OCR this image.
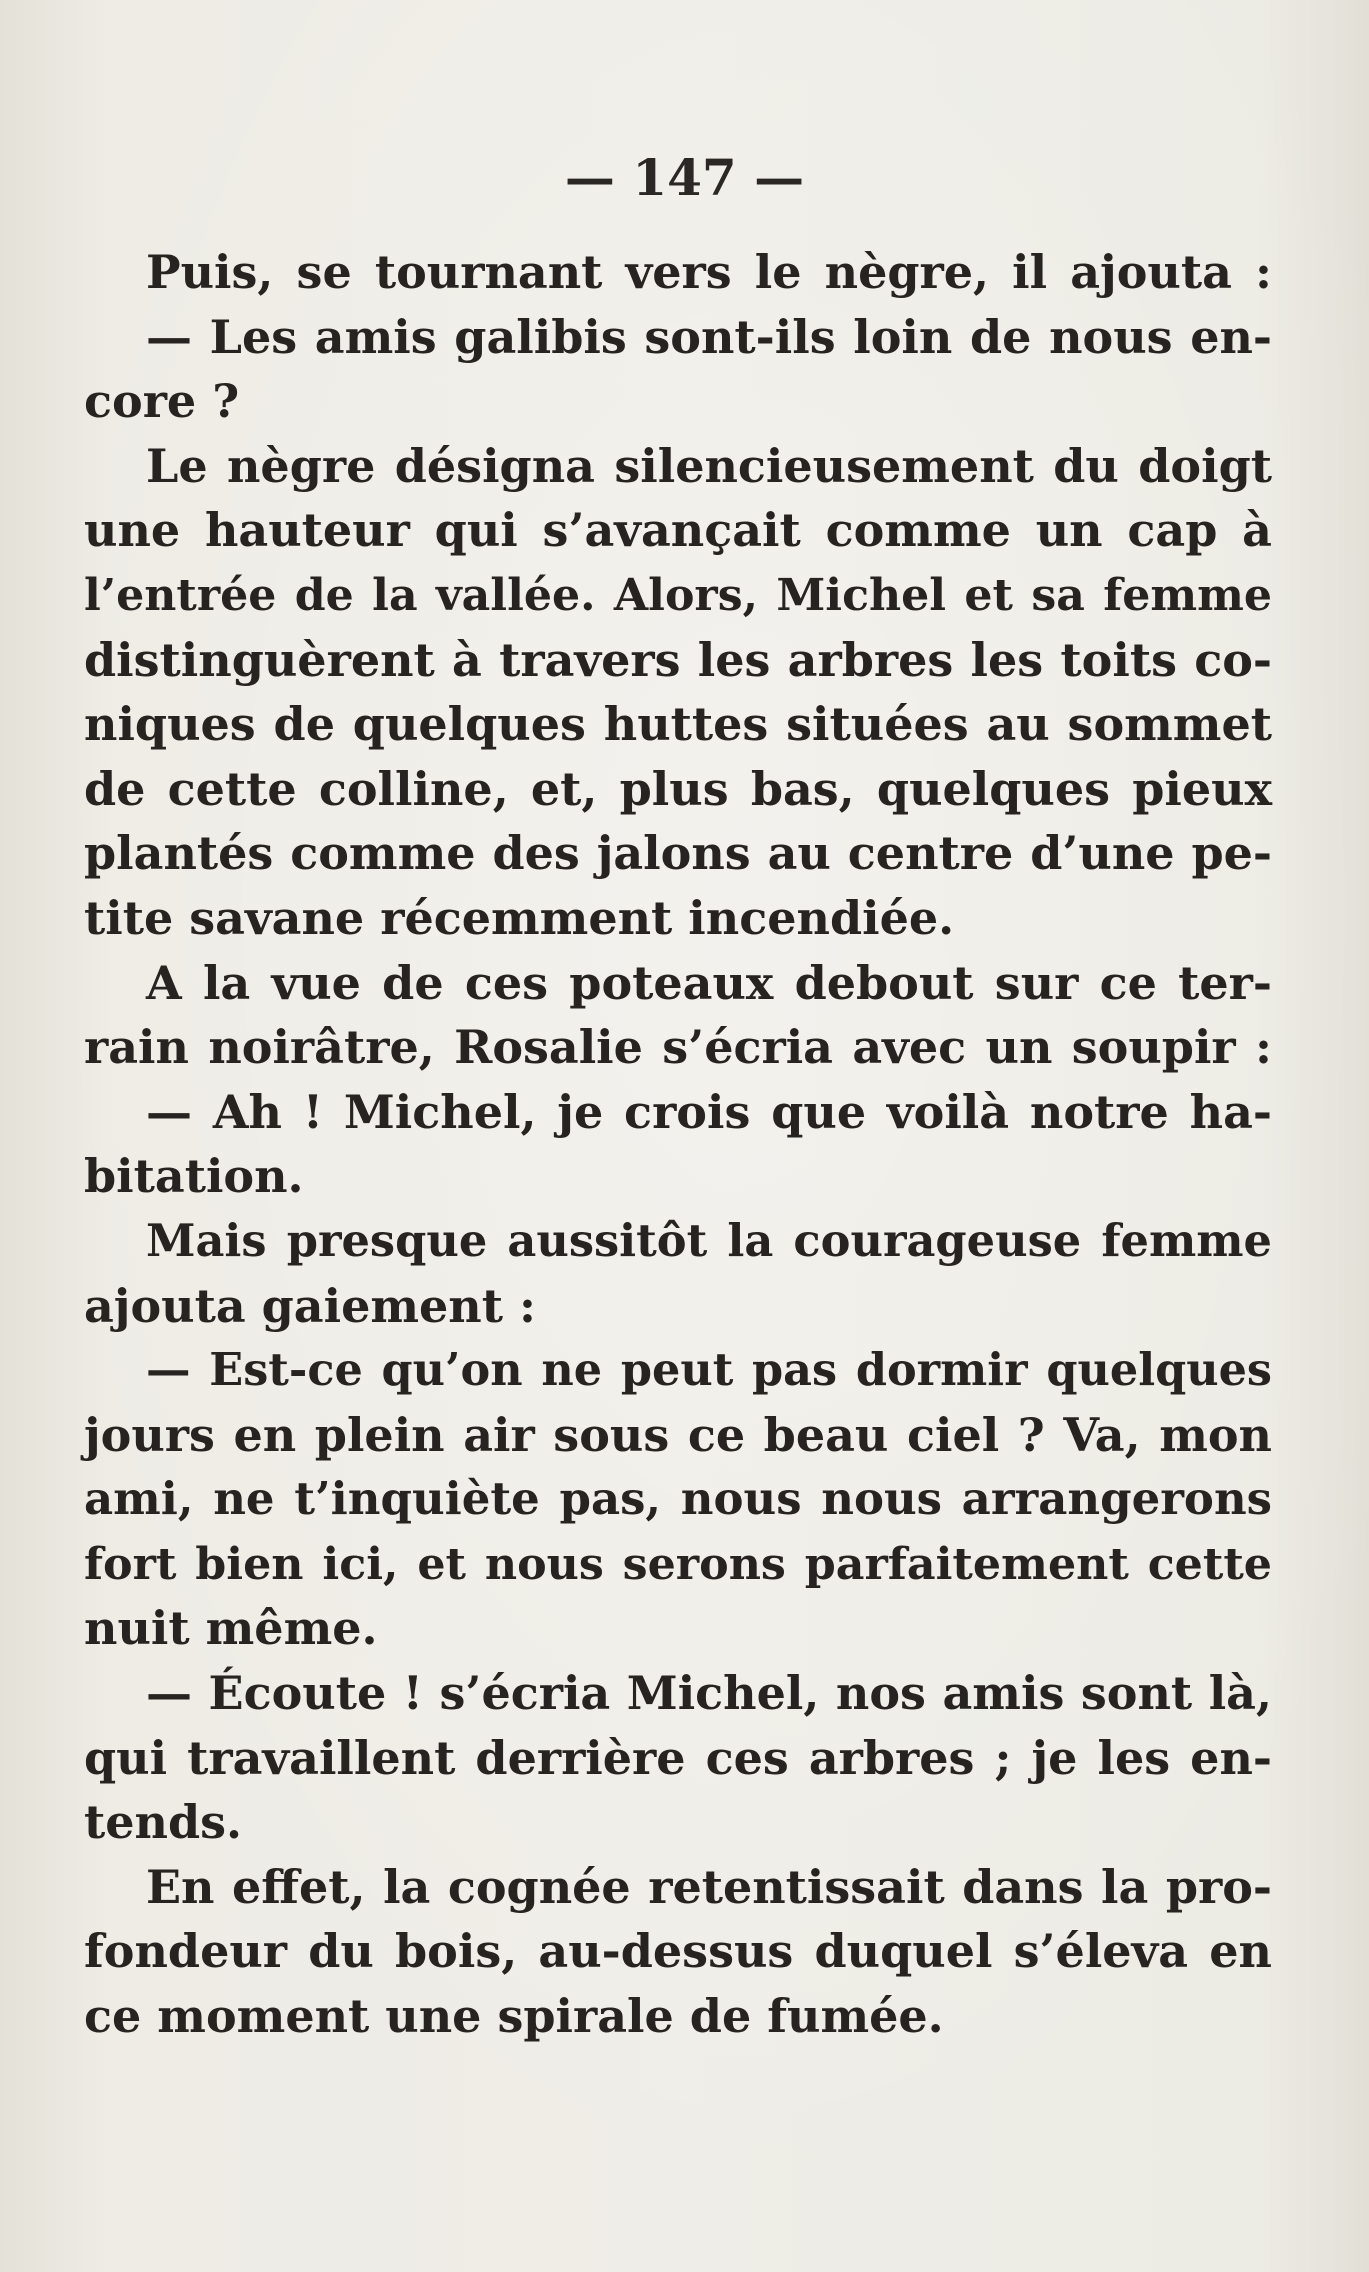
— 147 —
Puis, se tournant vers le nègre, il ajouta :
— Les amis galibis sont-ils loin de nous en-
core ?
Le nègre désigna silencieusement du doigt
une hauteur qui s’avançait comme un cap à
l’entrée de la vallée. Alors, Michel et sa femme
distinguèrent à travers les arbres les toits co-
niques de quelques huttes situées au sommet
de cette colline, et, plus bas, quelques pieux
plantés comme des jalons au centre d’une pe-
tite savane récemment incendiée.
A la vue de ces poteaux debout sur ce ter-
rain noirâtre, Rosalie s’écria avec un soupir :
— Ah ! Michel, je crois que voilà notre ha-
bitation.
Mais presque aussitôt la courageuse femme
ajouta gaiement :
— Est-ce qu’on ne peut pas dormir quelques
jours en plein air sous ce beau ciel ? Va, mon
ami, ne t’inquiète pas, nous nous arrangerons
fort bien ici, et nous serons parfaitement cette
nuit même.
— Écoute ! s’écria Michel, nos amis sont là,
qui travaillent derrière ces arbres ; je les en-
tends.
En effet, la cognée retentissait dans la pro-
fondeur du bois, au-dessus duquel s’éleva en
ce moment une spirale de fumée.
